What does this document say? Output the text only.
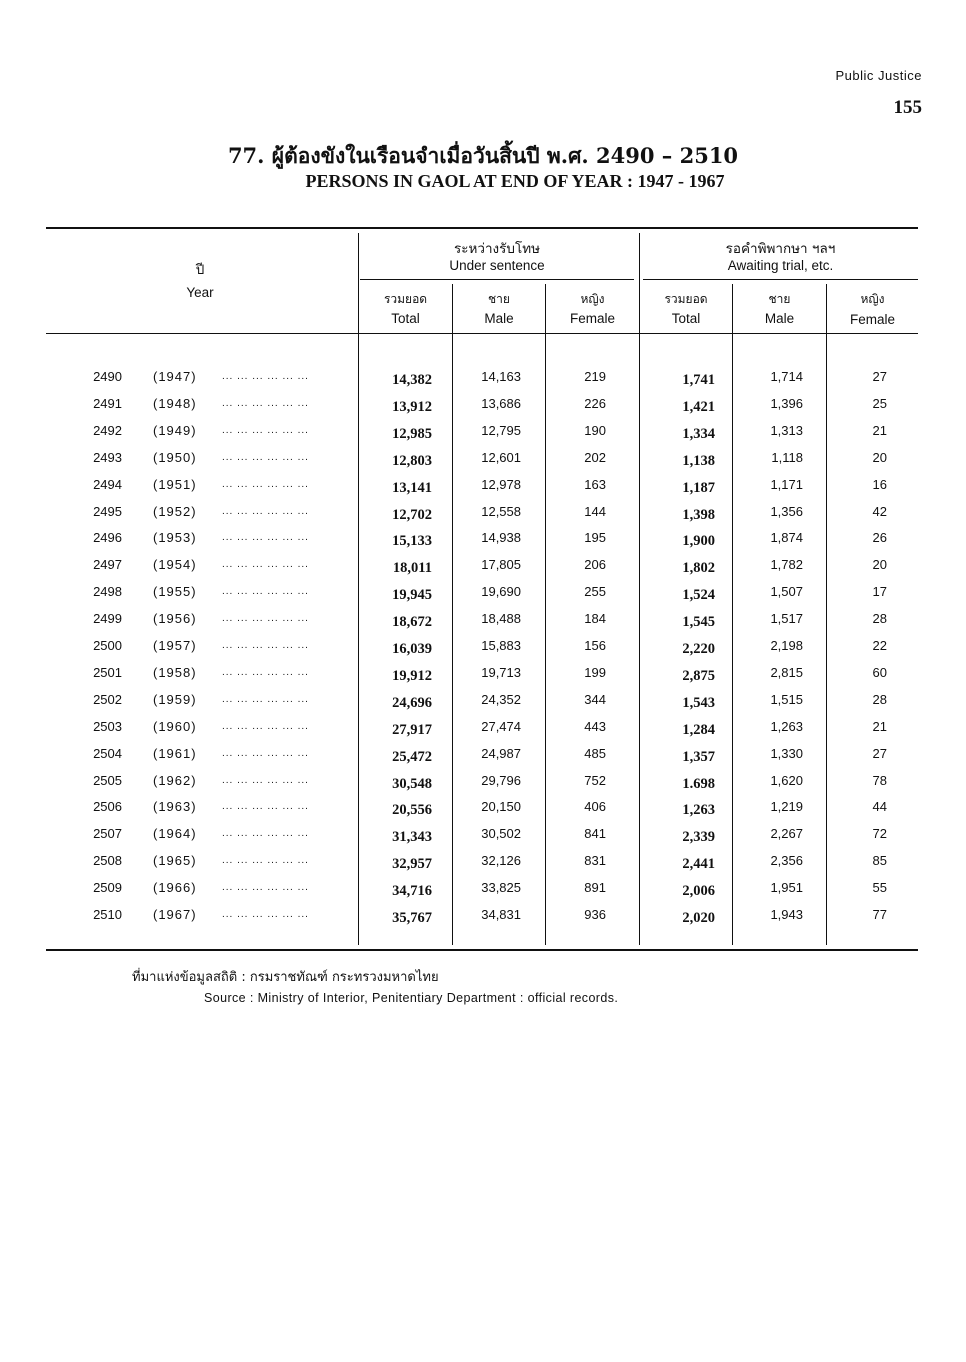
Public Justice
155
77. ผู้ต้องขังในเรือนจำเมื่อวันสิ้นปี พ.ศ. 2490 – 2510
PERSONS IN GAOL AT END OF YEAR : 1947 - 1967
ปี
Year
ระหว่างรับโทษ
Under sentence
รอคำพิพากษา ฯลฯ
Awaiting trial, etc.
รวมยอด
Total
ชาย
Male
หญิง
Female
รวมยอด
Total
ชาย
Male
หญิง
Female
2490 (1947)	14,382	14,163	219	1,741	1,714	27
... ... ... ... ... ...
2491 (1948)	13,912	13,686	226	1,421	1,396	25
... ... ... ... ... ...
2492 (1949)	12,985	12,795	190	1,334	1,313	21
... ... ... ... ... ...
2493 (1950)	12,803	12,601	202	1,138	1,118	20
... ... ... ... ... ...
2494 (1951)	13,141	12,978	163	1,187	1,171	16
... ... ... ... ... ...
2495 (1952)	12,702	12,558	144	1,398	1,356	42
... ... ... ... ... ...
2496 (1953)	15,133	14,938	195	1,900	1,874	26
... ... ... ... ... ...
2497 (1954)	18,011	17,805	206	1,802	1,782	20
... ... ... ... ... ...
2498 (1955)	19,945	19,690	255	1,524	1,507	17
... ... ... ... ... ...
2499 (1956)	18,672	18,488	184	1,545	1,517	28
... ... ... ... ... ...
2500 (1957)	16,039	15,883	156	2,220	2,198	22
... ... ... ... ... ...
2501 (1958)	19,912	19,713	199	2,875	2,815	60
... ... ... ... ... ...
2502 (1959)	24,696	24,352	344	1,543	1,515	28
... ... ... ... ... ...
2503 (1960)	27,917	27,474	443	1,284	1,263	21
... ... ... ... ... ...
2504 (1961)	25,472	24,987	485	1,357	1,330	27
... ... ... ... ... ...
2505 (1962)	30,548	29,796	752	1.698	1,620	78
... ... ... ... ... ...
2506 (1963)	20,556	20,150	406	1,263	1,219	44
... ... ... ... ... ...
2507 (1964)	31,343	30,502	841	2,339	2,267	72
... ... ... ... ... ...
2508 (1965)	32,957	32,126	831	2,441	2,356	85
... ... ... ... ... ...
2509 (1966)	34,716	33,825	891	2,006	1,951	55
... ... ... ... ... ...
2510 (1967)	35,767	34,831	936	2,020	1,943	77
... ... ... ... ... ...
ที่มาแห่งข้อมูลสถิติ : กรมราชทัณฑ์ กระทรวงมหาดไทย
Source : Ministry of Interior, Penitentiary Department : official records.
